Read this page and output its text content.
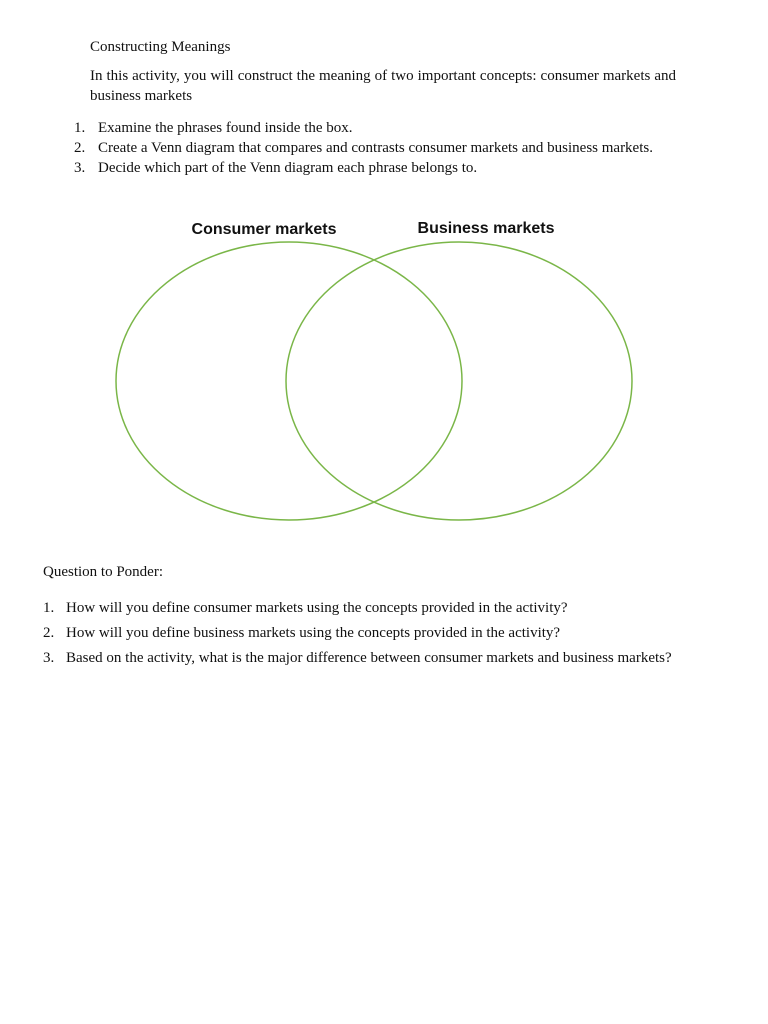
Constructing Meanings
In this activity, you will construct the meaning of two important concepts: consumer markets and business markets
1. Examine the phrases found inside the box.
2. Create a Venn diagram that compares and contrasts consumer markets and business markets.
3. Decide which part of the Venn diagram each phrase belongs to.
Consumer markets	Business markets
Question to Ponder:
1. How will you define consumer markets using the concepts provided in the activity?
2. How will you define business markets using the concepts provided in the activity?
3. Based on the activity, what is the major difference between consumer markets and business markets?
